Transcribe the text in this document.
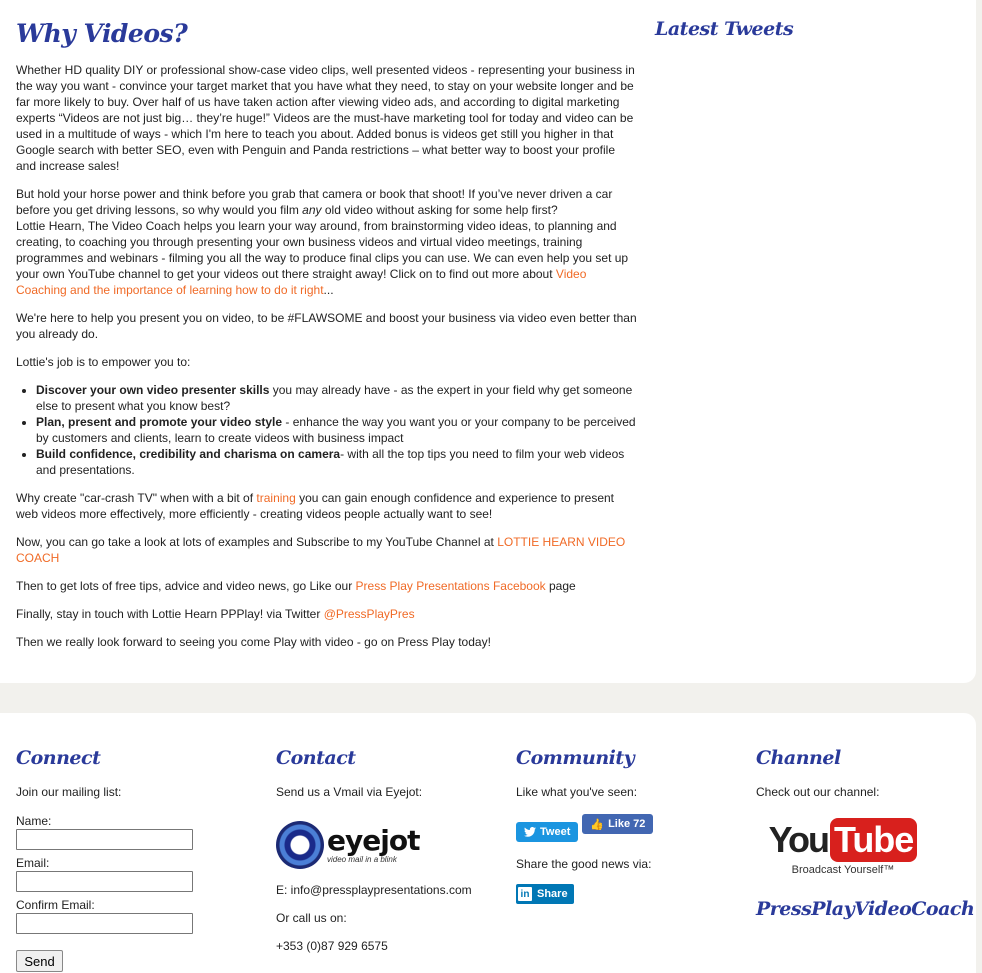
Why Videos?

Whether HD quality DIY or professional show-case video clips, well presented videos - representing your business in the way you want - convince your target market that you have what they need, to stay on your website longer and be far more likely to buy. Over half of us have taken action after viewing video ads, and according to digital marketing experts “Videos are not just big… they’re huge!” Videos are the must-have marketing tool for today and video can be used in a multitude of ways - which I'm here to teach you about. Added bonus is videos get still you higher in that Google search with better SEO, even with Penguin and Panda restrictions – what better way to boost your profile and increase sales!

But hold your horse power and think before you grab that camera or book that shoot! If you’ve never driven a car before you get driving lessons, so why would you film any old video without asking for some help first?
Lottie Hearn, The Video Coach helps you learn your way around, from brainstorming video ideas, to planning and creating, to coaching you through presenting your own business videos and virtual video meetings, training programmes and webinars - filming you all the way to produce final clips you can use. We can even help you set up your own YouTube channel to get your videos out there straight away! Click on to find out more about Video Coaching and the importance of learning how to do it right...

We're here to help you present you on video, to be #FLAWSOME and boost your business via video even better than you already do.

Lottie's job is to empower you to:

• Discover your own video presenter skills you may already have - as the expert in your field why get someone else to present what you know best?
• Plan, present and promote your video style - enhance the way you want you or your company to be perceived by customers and clients, learn to create videos with business impact
• Build confidence, credibility and charisma on camera- with all the top tips you need to film your web videos and presentations.

Why create "car-crash TV" when with a bit of training you can gain enough confidence and experience to present web videos more effectively, more efficiently - creating videos people actually want to see!

Now, you can go take a look at lots of examples and Subscribe to my YouTube Channel at LOTTIE HEARN VIDEO COACH

Then to get lots of free tips, advice and video news, go Like our Press Play Presentations Facebook page

Finally, stay in touch with Lottie Hearn PPPlay! via Twitter @PressPlayPres

Then we really look forward to seeing you come Play with video - go on Press Play today!

Latest Tweets
Connect
Join our mailing list:
Name:
Email:
Confirm Email:
Send
Contact
Send us a Vmail via Eyejot:
eyejot
video mail in a blink
E: info@pressplaypresentations.com
Or call us on:
+353 (0)87 929 6575
Community
Like what you've seen:
Tweet
👍 Like 72
Share the good news via:
in Share
Channel
Check out our channel:
You Tube
Broadcast Yourself™
PressPlayVideoCoach
